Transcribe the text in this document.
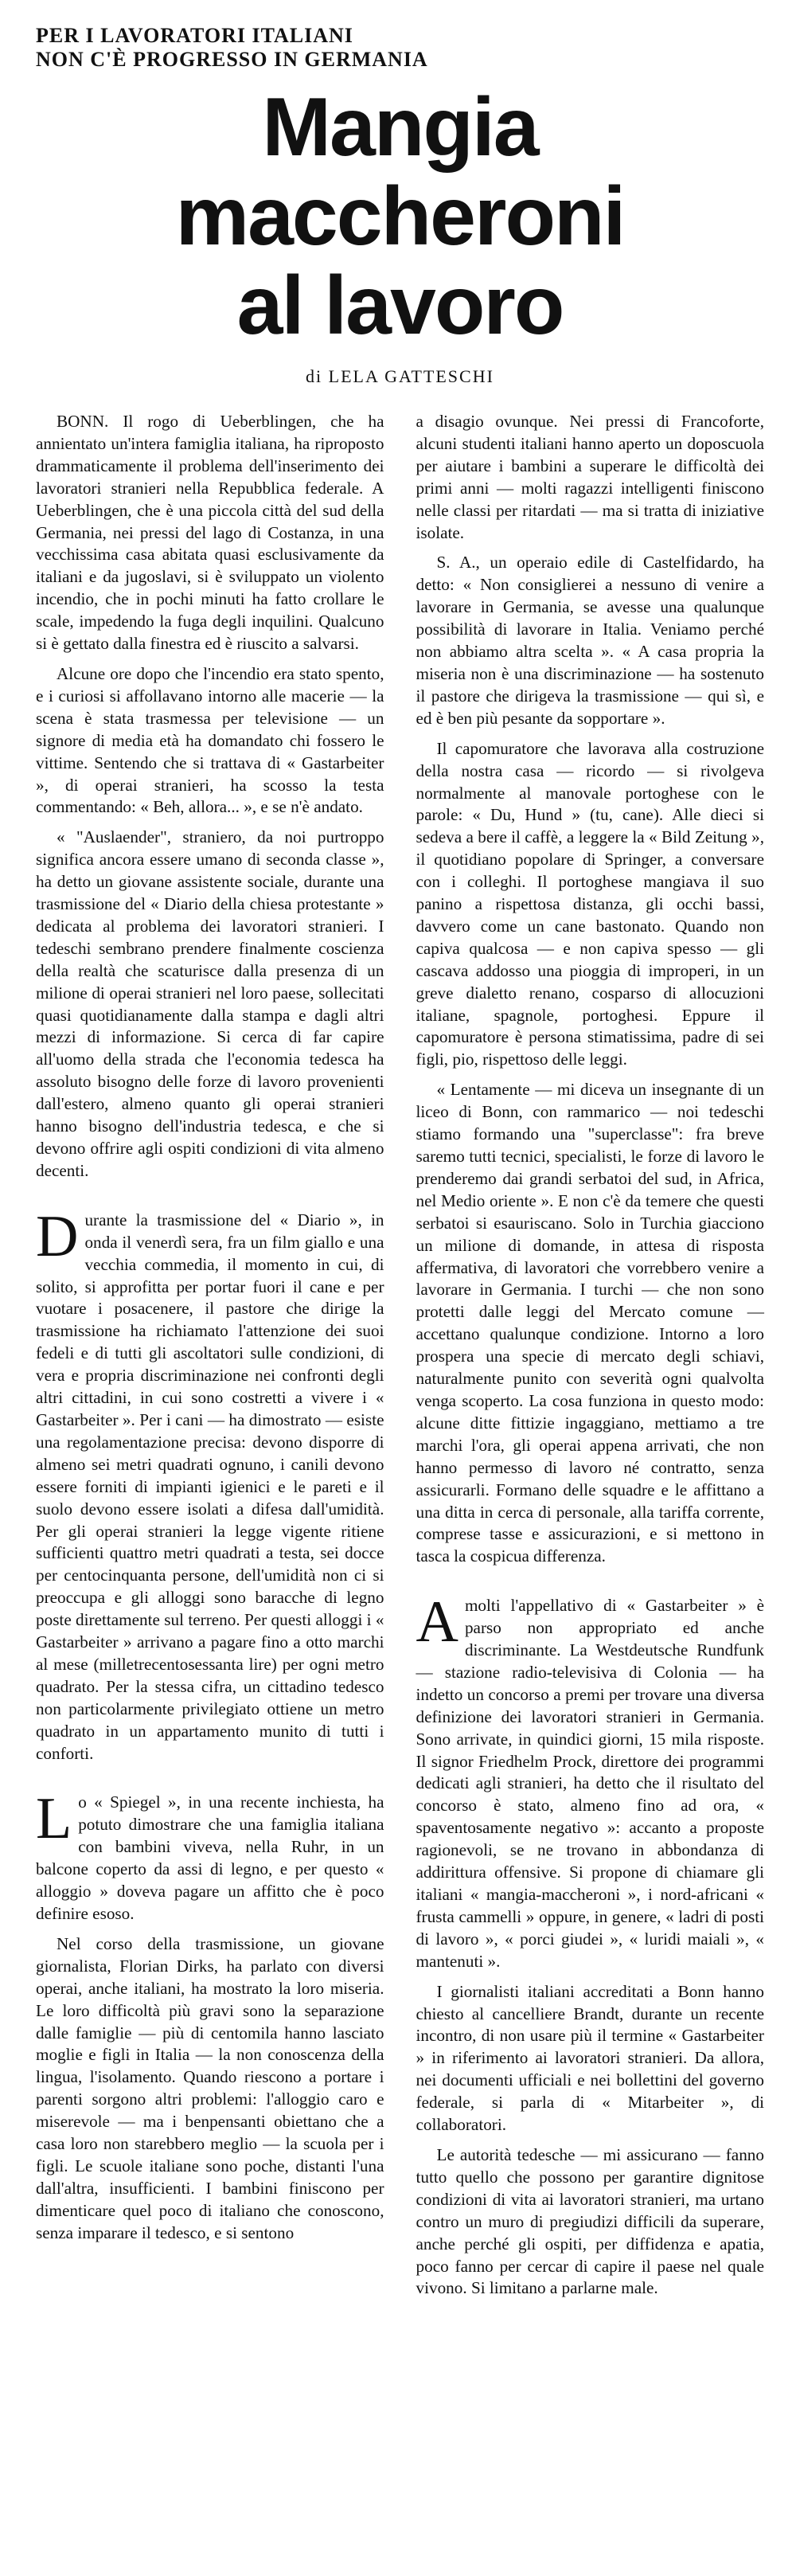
PER I LAVORATORI ITALIANI
NON C'È PROGRESSO IN GERMANIA
Mangia maccheroni
al lavoro
di LELA GATTESCHI

BONN. Il rogo di Ueberblingen, che ha annientato un'intera famiglia italiana, ha riproposto drammaticamente il problema dell'inserimento dei lavoratori stranieri nella Repubblica federale. A Ueberblingen, che è una piccola città del sud della Germania, nei pressi del lago di Costanza, in una vecchissima casa abitata quasi esclusivamente da italiani e da jugoslavi, si è sviluppato un violento incendio, che in pochi minuti ha fatto crollare le scale, impedendo la fuga degli inquilini. Qualcuno si è gettato dalla finestra ed è riuscito a salvarsi.

Alcune ore dopo che l'incendio era stato spento, e i curiosi si affollavano intorno alle macerie — la scena è stata trasmessa per televisione — un signore di media età ha domandato chi fossero le vittime. Sentendo che si trattava di « Gastarbeiter », di operai stranieri, ha scosso la testa commentando: « Beh, allora... », e se n'è andato.

« "Auslaender", straniero, da noi purtroppo significa ancora essere umano di seconda classe », ha detto un giovane assistente sociale, durante una trasmissione del « Diario della chiesa protestante » dedicata al problema dei lavoratori stranieri. I tedeschi sembrano prendere finalmente coscienza della realtà che scaturisce dalla presenza di un milione di operai stranieri nel loro paese, sollecitati quasi quotidianamente dalla stampa e dagli altri mezzi di informazione. Si cerca di far capire all'uomo della strada che l'economia tedesca ha assoluto bisogno delle forze di lavoro provenienti dall'estero, almeno quanto gli operai stranieri hanno bisogno dell'industria tedesca, e che si devono offrire agli ospiti condizioni di vita almeno decenti.

Durante la trasmissione del « Diario », in onda il venerdì sera, fra un film giallo e una vecchia commedia, il momento in cui, di solito, si approfitta per portar fuori il cane e per vuotare i posacenere, il pastore che dirige la trasmissione ha richiamato l'attenzione dei suoi fedeli e di tutti gli ascoltatori sulle condizioni, di vera e propria discriminazione nei confronti degli altri cittadini, in cui sono costretti a vivere i « Gastarbeiter ». Per i cani — ha dimostrato — esiste una regolamentazione precisa: devono disporre di almeno sei metri quadrati ognuno, i canili devono essere forniti di impianti igienici e le pareti e il suolo devono essere isolati a difesa dall'umidità. Per gli operai stranieri la legge vigente ritiene sufficienti quattro metri quadrati a testa, sei docce per centocinquanta persone, dell'umidità non ci si preoccupa e gli alloggi sono baracche di legno poste direttamente sul terreno. Per questi alloggi i « Gastarbeiter » arrivano a pagare fino a otto marchi al mese (milletrecentosessanta lire) per ogni metro quadrato. Per la stessa cifra, un cittadino tedesco non particolarmente privilegiato ottiene un metro quadrato in un appartamento munito di tutti i conforti.

Lo « Spiegel », in una recente inchiesta, ha potuto dimostrare che una famiglia italiana con bambini viveva, nella Ruhr, in un balcone coperto da assi di legno, e per questo « alloggio » doveva pagare un affitto che è poco definire esoso.

Nel corso della trasmissione, un giovane giornalista, Florian Dirks, ha parlato con diversi operai, anche italiani, ha mostrato la loro miseria. Le loro difficoltà più gravi sono la separazione dalle famiglie — più di centomila hanno lasciato moglie e figli in Italia — la non conoscenza della lingua, l'isolamento. Quando riescono a portare i parenti sorgono altri problemi: l'alloggio caro e miserevole — ma i benpensanti obiettano che a casa loro non starebbero meglio — la scuola per i figli. Le scuole italiane sono poche, distanti l'una dall'altra, insufficienti. I bambini finiscono per dimenticare quel poco di italiano che conoscono, senza imparare il tedesco, e si sentono

a disagio ovunque. Nei pressi di Francoforte, alcuni studenti italiani hanno aperto un doposcuola per aiutare i bambini a superare le difficoltà dei primi anni — molti ragazzi intelligenti finiscono nelle classi per ritardati — ma si tratta di iniziative isolate.

S. A., un operaio edile di Castelfidardo, ha detto: « Non consiglierei a nessuno di venire a lavorare in Germania, se avesse una qualunque possibilità di lavorare in Italia. Veniamo perché non abbiamo altra scelta ». « A casa propria la miseria non è una discriminazione — ha sostenuto il pastore che dirigeva la trasmissione — qui sì, e ed è ben più pesante da sopportare ».

Il capomuratore che lavorava alla costruzione della nostra casa — ricordo — si rivolgeva normalmente al manovale portoghese con le parole: « Du, Hund » (tu, cane). Alle dieci si sedeva a bere il caffè, a leggere la « Bild Zeitung », il quotidiano popolare di Springer, a conversare con i colleghi. Il portoghese mangiava il suo panino a rispettosa distanza, gli occhi bassi, davvero come un cane bastonato. Quando non capiva qualcosa — e non capiva spesso — gli cascava addosso una pioggia di improperi, in un greve dialetto renano, cosparso di allocuzioni italiane, spagnole, portoghesi. Eppure il capomuratore è persona stimatissima, padre di sei figli, pio, rispettoso delle leggi.

« Lentamente — mi diceva un insegnante di un liceo di Bonn, con rammarico — noi tedeschi stiamo formando una "superclasse": fra breve saremo tutti tecnici, specialisti, le forze di lavoro le prenderemo dai grandi serbatoi del sud, in Africa, nel Medio oriente ». E non c'è da temere che questi serbatoi si esauriscano. Solo in Turchia giacciono un milione di domande, in attesa di risposta affermativa, di lavoratori che vorrebbero venire a lavorare in Germania. I turchi — che non sono protetti dalle leggi del Mercato comune — accettano qualunque condizione. Intorno a loro prospera una specie di mercato degli schiavi, naturalmente punito con severità ogni qualvolta venga scoperto. La cosa funziona in questo modo: alcune ditte fittizie ingaggiano, mettiamo a tre marchi l'ora, gli operai appena arrivati, che non hanno permesso di lavoro né contratto, senza assicurarli. Formano delle squadre e le affittano a una ditta in cerca di personale, alla tariffa corrente, comprese tasse e assicurazioni, e si mettono in tasca la cospicua differenza.

Amolti l'appellativo di « Gastarbeiter » è parso non appropriato ed anche discriminante. La Westdeutsche Rundfunk — stazione radio-televisiva di Colonia — ha indetto un concorso a premi per trovare una diversa definizione dei lavoratori stranieri in Germania. Sono arrivate, in quindici giorni, 15 mila risposte. Il signor Friedhelm Prock, direttore dei programmi dedicati agli stranieri, ha detto che il risultato del concorso è stato, almeno fino ad ora, « spaventosamente negativo »: accanto a proposte ragionevoli, se ne trovano in abbondanza di addirittura offensive. Si propone di chiamare gli italiani « mangia-maccheroni », i nord-africani « frusta cammelli » oppure, in genere, « ladri di posti di lavoro », « porci giudei », « luridi maiali », « mantenuti ».

I giornalisti italiani accreditati a Bonn hanno chiesto al cancelliere Brandt, durante un recente incontro, di non usare più il termine « Gastarbeiter » in riferimento ai lavoratori stranieri. Da allora, nei documenti ufficiali e nei bollettini del governo federale, si parla di « Mitarbeiter », di collaboratori.

Le autorità tedesche — mi assicurano — fanno tutto quello che possono per garantire dignitose condizioni di vita ai lavoratori stranieri, ma urtano contro un muro di pregiudizi difficili da superare, anche perché gli ospiti, per diffidenza e apatia, poco fanno per cercar di capire il paese nel quale vivono. Si limitano a parlarne male.
